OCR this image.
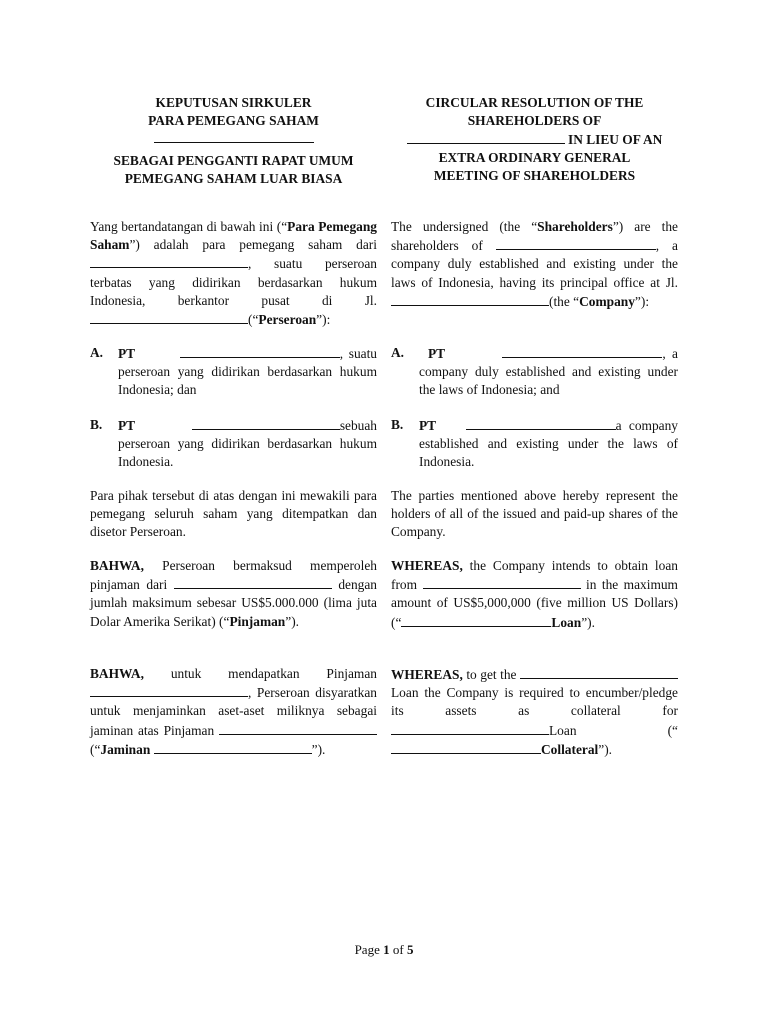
KEPUTUSAN SIRKULER

PARA PEMEGANG SAHAM

SEBAGAI PENGGANTI RAPAT UMUM

PEMEGANG SAHAM LUAR BIASA

CIRCULAR RESOLUTION OF THE

SHAREHOLDERS OF

IN LIEU OF AN

EXTRA ORDINARY GENERAL

MEETING OF SHAREHOLDERS

Yang bertandatangan di bawah ini (“Para Pemegang Saham”) adalah para pemegang saham dari , suatu perseroan terbatas yang didirikan berdasarkan hukum Indonesia, berkantor pusat di Jl. (“Perseroan”):

The undersigned (the “Shareholders”) are the shareholders of	, a company duly established and existing under the laws of Indonesia, having its principal office at Jl. (the “Company”):

A. PT	, suatu perseroan yang didirikan berdasarkan hukum Indonesia; dan
A.	PT	, a company duly established and existing under the laws of Indonesia; and
B. PT	sebuah perseroan yang didirikan berdasarkan hukum Indonesia.
B. PT	a company established and existing under the laws of Indonesia.

Para pihak tersebut di atas dengan ini mewakili para pemegang seluruh saham yang ditempatkan dan disetor Perseroan.

The parties mentioned above hereby represent the holders of all of the issued and paid-up shares of the Company.

BAHWA, Perseroan bermaksud memperoleh pinjaman dari	dengan jumlah maksimum sebesar US$5.000.000 (lima juta Dolar Amerika Serikat) (“Pinjaman”).

WHEREAS, the Company intends to obtain loan from	in the maximum amount of US$5,000,000 (five million US Dollars) (“	Loan”).

BAHWA, untuk mendapatkan Pinjaman , Perseroan disyaratkan untuk menjaminkan aset-aset miliknya sebagai jaminan atas Pinjaman  (“Jaminan	”).

WHEREAS, to get the Loan the Company is required to encumber/pledge its assets as collateral for Loan (“Collateral”).

Page 1 of 5
